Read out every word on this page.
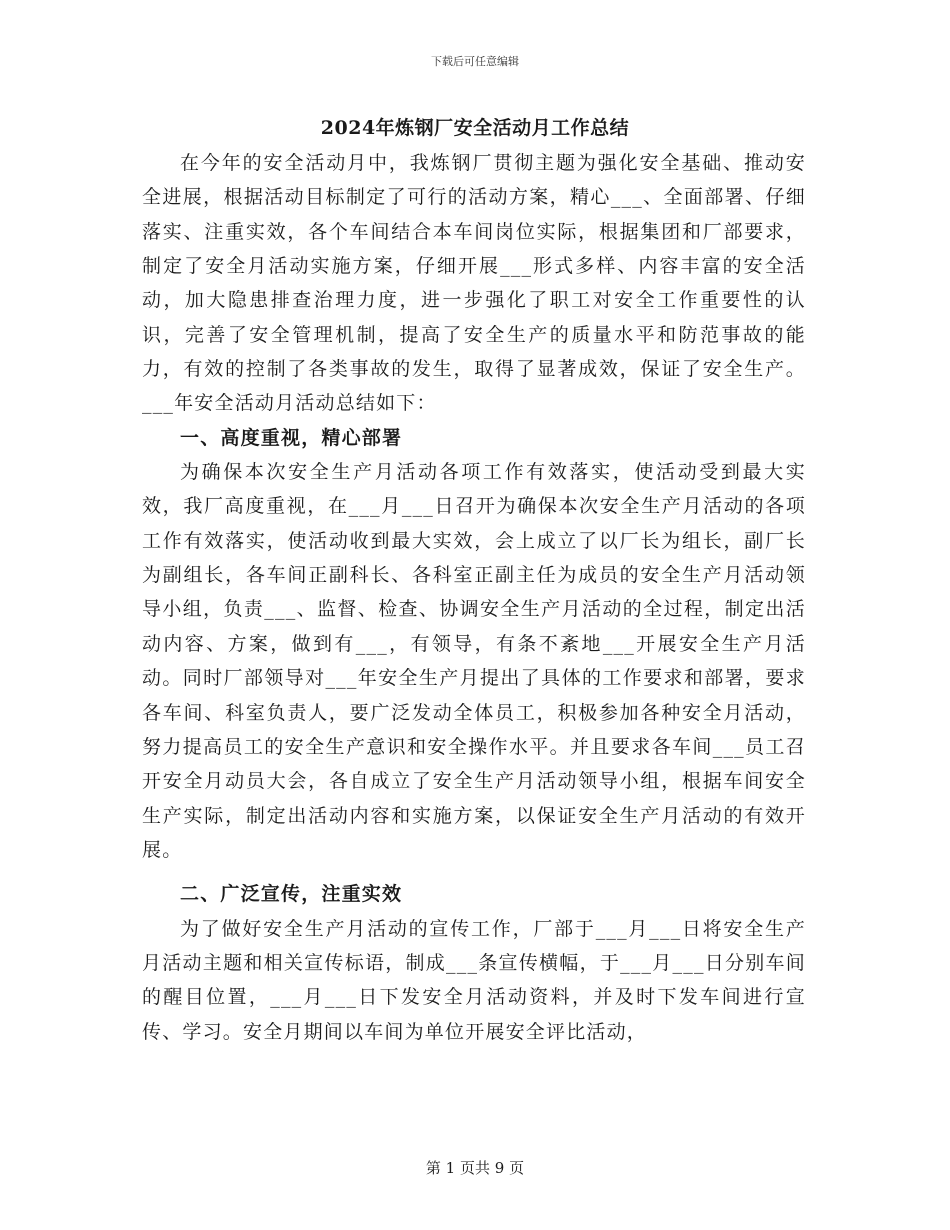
下载后可任意编辑
2024年炼钢厂安全活动月工作总结

在今年的安全活动月中，我炼钢厂贯彻主题为强化安全基础、推动安全进展，根据活动目标制定了可行的活动方案，精心___、全面部署、仔细落实、注重实效，各个车间结合本车间岗位实际，根据集团和厂部要求，制定了安全月活动实施方案，仔细开展___形式多样、内容丰富的安全活动，加大隐患排查治理力度，进一步强化了职工对安全工作重要性的认识，完善了安全管理机制，提高了安全生产的质量水平和防范事故的能力，有效的控制了各类事故的发生，取得了显著成效，保证了安全生产。___年安全活动月活动总结如下：

一、高度重视，精心部署

为确保本次安全生产月活动各项工作有效落实，使活动受到最大实效，我厂高度重视，在___月___日召开为确保本次安全生产月活动的各项工作有效落实，使活动收到最大实效，会上成立了以厂长为组长，副厂长为副组长，各车间正副科长、各科室正副主任为成员的安全生产月活动领导小组，负责___、监督、检查、协调安全生产月活动的全过程，制定出活动内容、方案，做到有___，有领导，有条不紊地___开展安全生产月活动。同时厂部领导对___年安全生产月提出了具体的工作要求和部署，要求各车间、科室负责人，要广泛发动全体员工，积极参加各种安全月活动，努力提高员工的安全生产意识和安全操作水平。并且要求各车间___员工召开安全月动员大会，各自成立了安全生产月活动领导小组，根据车间安全生产实际，制定出活动内容和实施方案，以保证安全生产月活动的有效开展。

二、广泛宣传，注重实效

为了做好安全生产月活动的宣传工作，厂部于___月___日将安全生产月活动主题和相关宣传标语，制成___条宣传横幅，于___月___日分别车间的醒目位置，___月___日下发安全月活动资料，并及时下发车间进行宣传、学习。安全月期间以车间为单位开展安全评比活动，

第 1 页共 9 页
